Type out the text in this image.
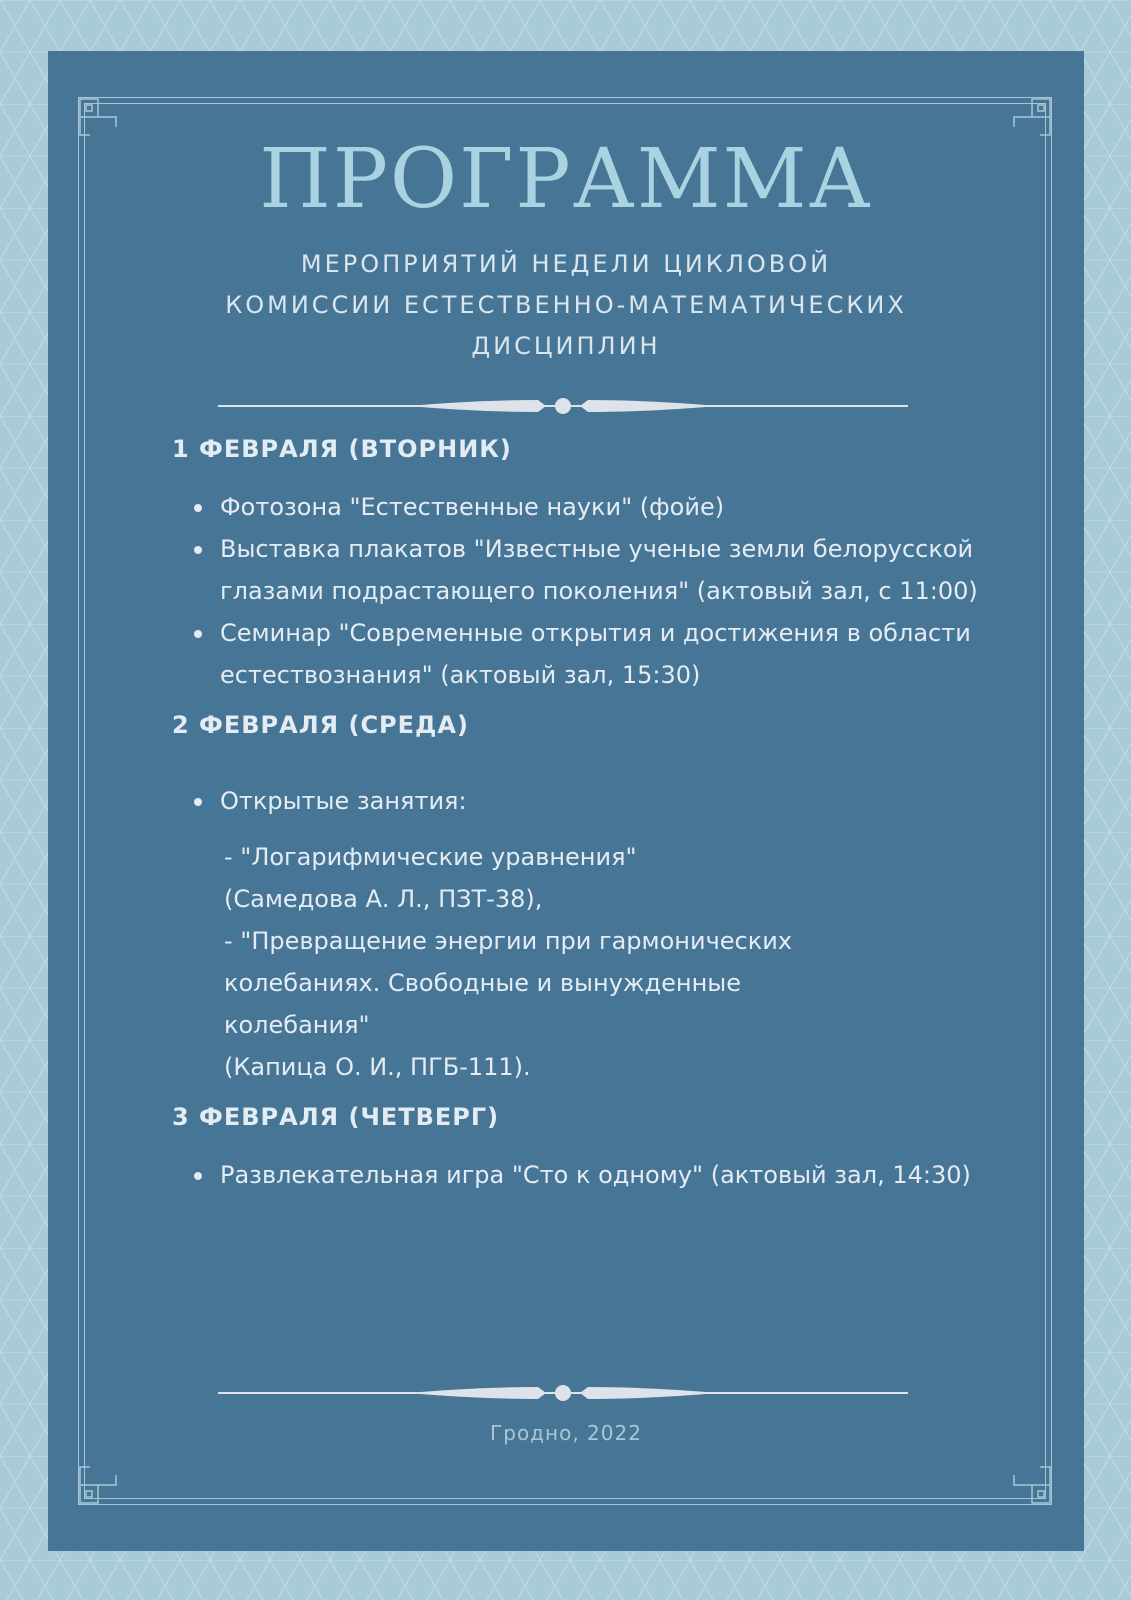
ПРОГРАММА
МЕРОПРИЯТИЙ НЕДЕЛИ ЦИКЛОВОЙ
КОМИССИИ ЕСТЕСТВЕННО-МАТЕМАТИЧЕСКИХ
ДИСЦИПЛИН
1 ФЕВРАЛЯ (ВТОРНИК)
Фотозона "Естественные науки" (фойе)
Выставка плакатов "Известные ученые земли белорусской глазами подрастающего поколения" (актовый зал, с 11:00)
Семинар "Современные открытия и достижения в области естествознания" (актовый зал, 15:30)
2 ФЕВРАЛЯ (СРЕДА)
Открытые занятия:
- "Логарифмические уравнения"
(Самедова А. Л., ПЗТ-38),
- "Превращение энергии при гармонических
колебаниях. Свободные и вынужденные
колебания"
(Капица О. И., ПГБ-111).
3 ФЕВРАЛЯ (ЧЕТВЕРГ)
Развлекательная игра "Сто к одному" (актовый зал, 14:30)
Гродно, 2022
